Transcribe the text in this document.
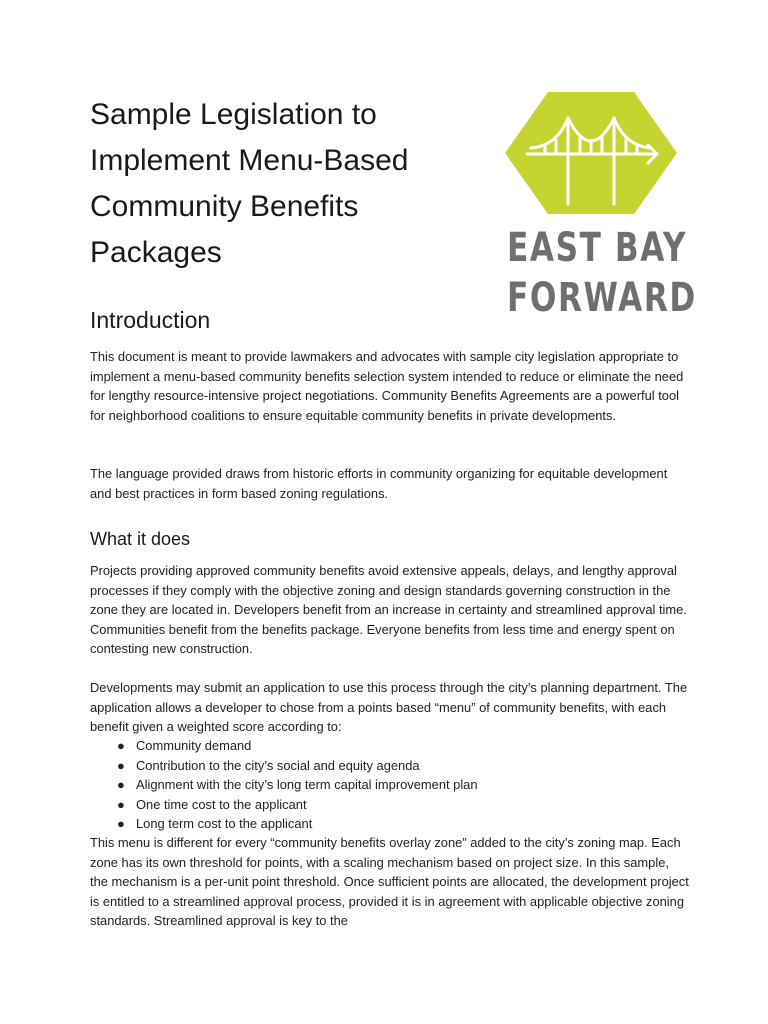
Sample Legislation to Implement Menu-Based Community Benefits Packages	EAST BAY
FORWARD
Introduction

This document is meant to provide lawmakers and advocates with sample city legislation appropriate to implement a menu-based community benefits selection system intended to reduce or eliminate the need for lengthy resource-intensive project negotiations. Community Benefits Agreements are a powerful tool for neighborhood coalitions to ensure equitable community benefits in private developments.

The language provided draws from historic efforts in community organizing for equitable development and best practices in form based zoning regulations.

What it does

Projects providing approved community benefits avoid extensive appeals, delays, and lengthy approval processes if they comply with the objective zoning and design standards governing construction in the zone they are located in. Developers benefit from an increase in certainty and streamlined approval time. Communities benefit from the benefits package. Everyone benefits from less time and energy spent on contesting new construction.

Developments may submit an application to use this process through the city’s planning department. The application allows a developer to chose from a points based “menu” of community benefits, with each benefit given a weighted score according to:

● Community demand
● Contribution to the city’s social and equity agenda
● Alignment with the city’s long term capital improvement plan
● One time cost to the applicant
● Long term cost to the applicant

This menu is different for every “community benefits overlay zone” added to the city’s zoning map. Each zone has its own threshold for points, with a scaling mechanism based on project size. In this sample, the mechanism is a per-unit point threshold. Once sufficient points are allocated, the development project is entitled to a streamlined approval process, provided it is in agreement with applicable objective zoning standards. Streamlined approval is key to the
